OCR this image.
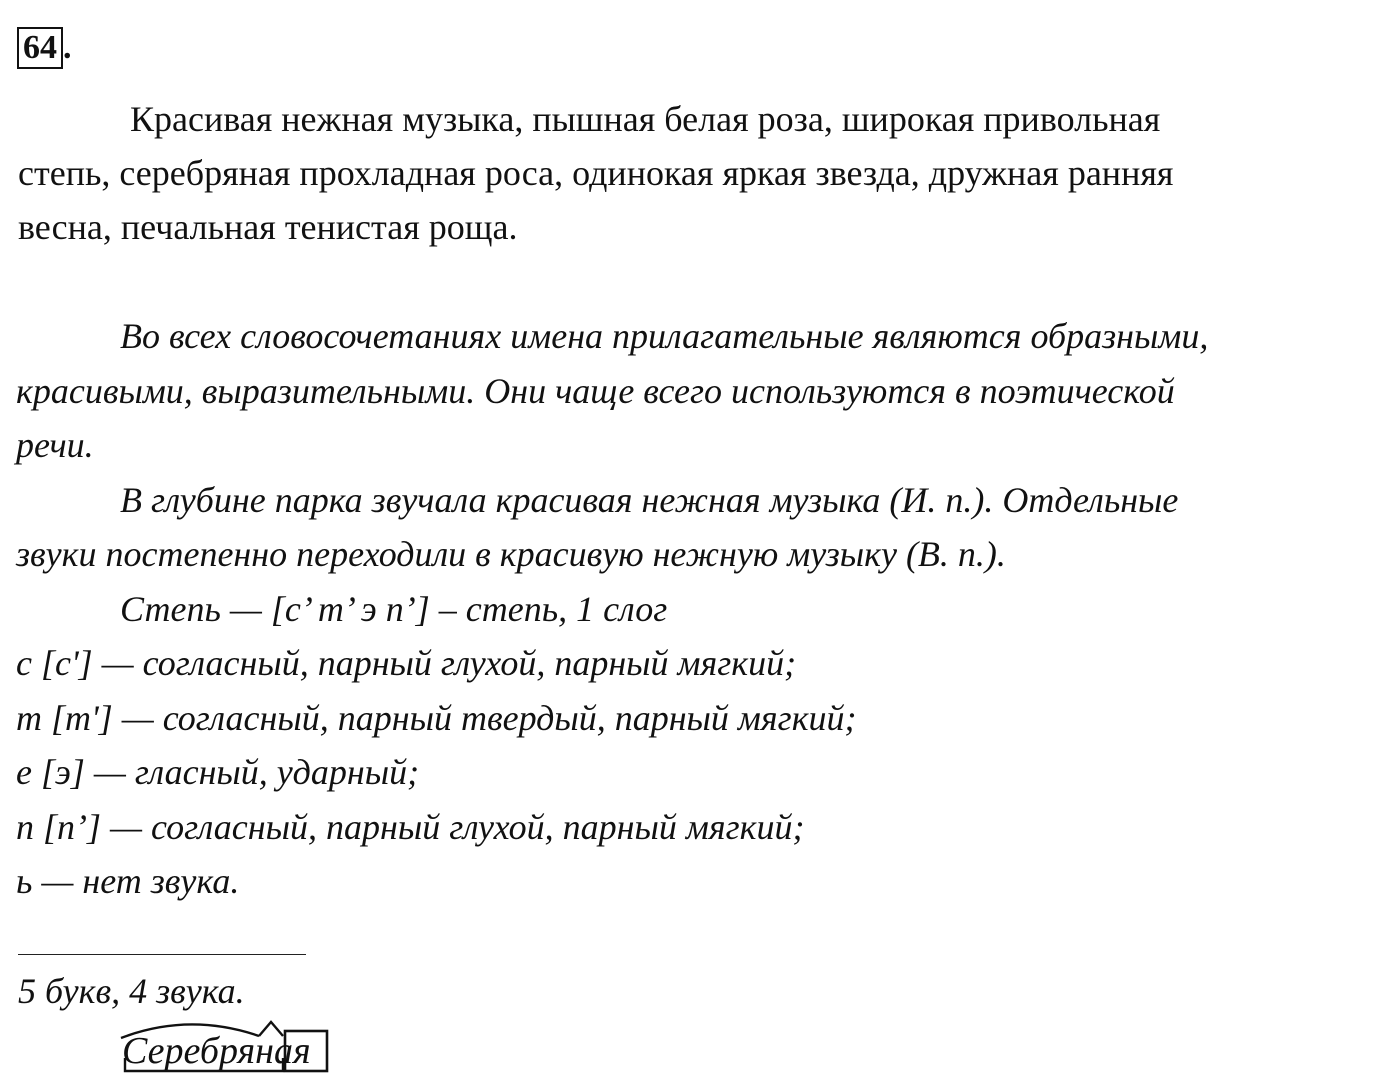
64 .
Красивая нежная музыка, пышная белая роза, широкая привольная
степь, серебряная прохладная роса, одинокая яркая звезда, дружная ранняя
весна, печальная тенистая роща.
Во всех словосочетаниях имена прилагательные являются образными,
красивыми, выразительными. Они чаще всего используются в поэтической
речи.
В глубине парка звучала красивая нежная музыка (И. п.). Отдельные
звуки постепенно переходили в красивую нежную музыку (В. п.).
Степь — [с’ т’ э п’] – степь, 1 слог
с [с'] — согласный, парный глухой, парный мягкий;
т [т'] — согласный, парный твердый, парный мягкий;
е [э] — гласный, ударный;
п [п’] — согласный, парный глухой, парный мягкий;
ь — нет звука.
5 букв, 4 звука.
Серебряная
